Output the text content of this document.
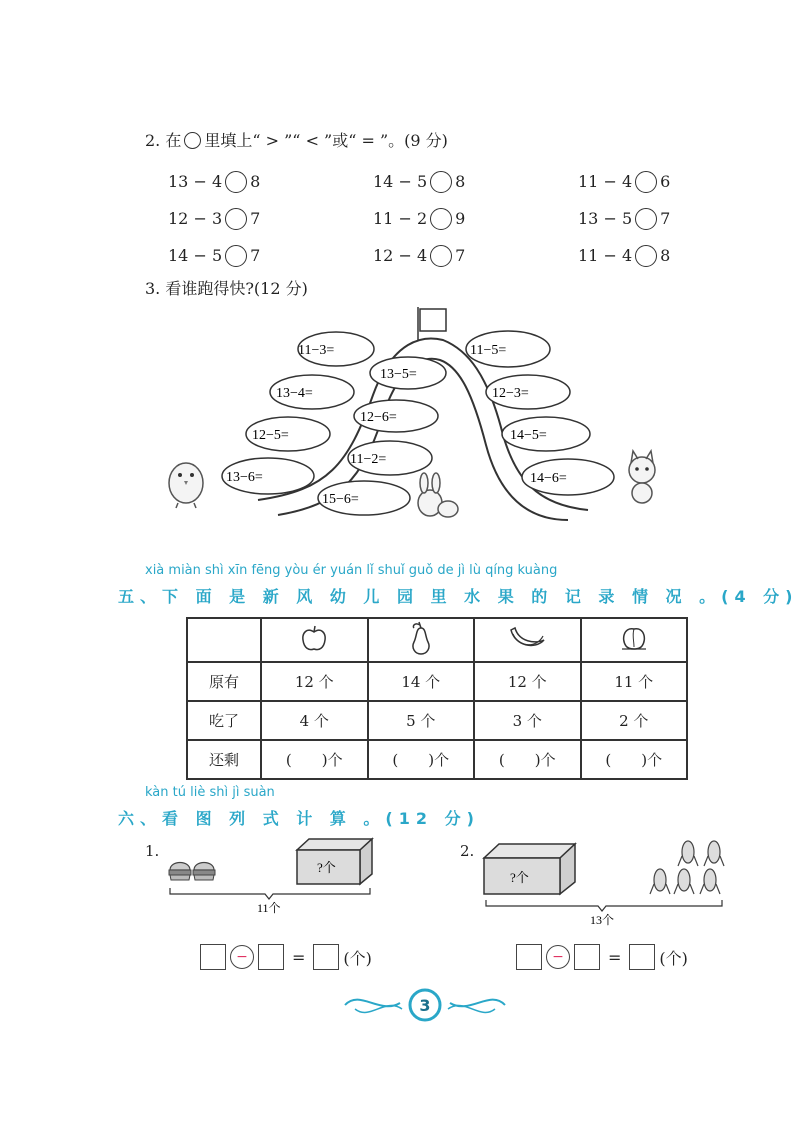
2. 在 里填上“ > ”“ < ”或“ = ”。(9 分)
13 − 4 8	14 − 5 8	11 − 4 6
12 − 3 7	11 − 2 9	13 − 5 7
14 − 5 7	12 − 4 7	11 − 4 8
3. 看谁跑得快?(12 分)
11−3=
13−4=
12−5=
13−6=
13−5=
12−6=
11−2=
15−6=
11−5=
12−3=
14−5=
14−6=
xià miàn shì xīn fēng yòu ér yuán lǐ shuǐ guǒ de jì lù qíng kuàng
五、下 面 是 新 风 幼 儿 园 里 水 果 的 记 录 情 况 。(4 分)

原有	12 个	14 个	12 个	11 个
吃了	4 个	5 个	3 个	2 个
还剩	(　　)个	(　　)个	(　　)个	(　　)个
kàn tú liè shì jì suàn
六、看 图 列 式 计 算 。(12 分)
1.
?个
11个
−	= (个)
2.
?个
13个
−	= (个)
3
